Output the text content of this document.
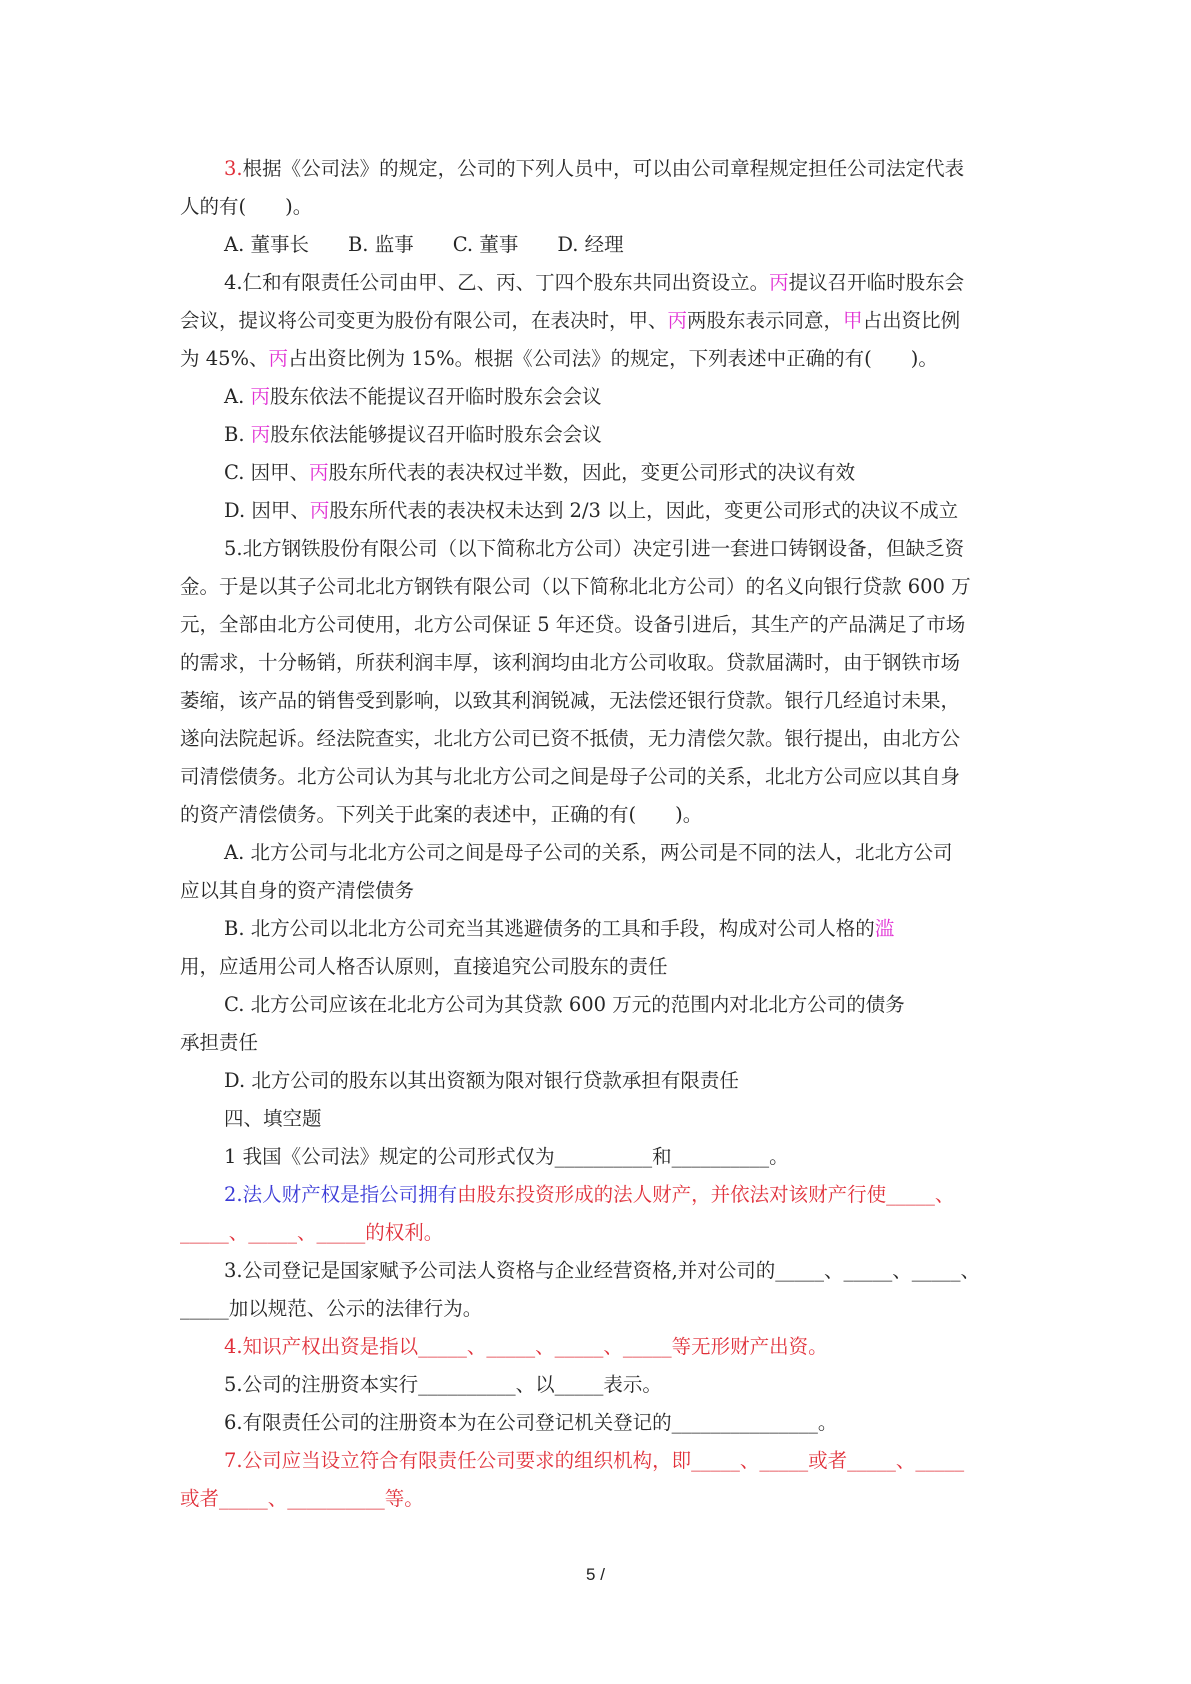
3.根据《公司法》的规定，公司的下列人员中，可以由公司章程规定担任公司法定代表
人的有(　　)。
A. 董事长　　B. 监事　　C. 董事　　D. 经理
4.仁和有限责任公司由甲、乙、丙、丁四个股东共同出资设立。丙提议召开临时股东会
会议，提议将公司变更为股份有限公司，在表决时，甲、丙两股东表示同意，甲占出资比例
为 45%、丙占出资比例为 15%。根据《公司法》的规定，下列表述中正确的有(　　)。
A. 丙股东依法不能提议召开临时股东会会议
B. 丙股东依法能够提议召开临时股东会会议
C. 因甲、丙股东所代表的表决权过半数，因此，变更公司形式的决议有效
D. 因甲、丙股东所代表的表决权未达到 2/3 以上，因此，变更公司形式的决议不成立
5.北方钢铁股份有限公司（以下简称北方公司）决定引进一套进口铸钢设备，但缺乏资
金。于是以其子公司北北方钢铁有限公司（以下简称北北方公司）的名义向银行贷款 600 万
元，全部由北方公司使用，北方公司保证 5 年还贷。设备引进后，其生产的产品满足了市场
的需求，十分畅销，所获利润丰厚，该利润均由北方公司收取。贷款届满时，由于钢铁市场
萎缩，该产品的销售受到影响，以致其利润锐减，无法偿还银行贷款。银行几经追讨未果，
遂向法院起诉。经法院查实，北北方公司已资不抵债，无力清偿欠款。银行提出，由北方公
司清偿债务。北方公司认为其与北北方公司之间是母子公司的关系，北北方公司应以其自身
的资产清偿债务。下列关于此案的表述中，正确的有(　　)。
A. 北方公司与北北方公司之间是母子公司的关系，两公司是不同的法人，北北方公司
应以其自身的资产清偿债务
B. 北方公司以北北方公司充当其逃避债务的工具和手段，构成对公司人格的滥
用，应适用公司人格否认原则，直接追究公司股东的责任
C. 北方公司应该在北北方公司为其贷款 600 万元的范围内对北北方公司的债务
承担责任
D. 北方公司的股东以其出资额为限对银行贷款承担有限责任
四、填空题
1 我国《公司法》规定的公司形式仅为__________和__________。
2.法人财产权是指公司拥有由股东投资形成的法人财产，并依法对该财产行使_____、
_____、_____、_____的权利。
3.公司登记是国家赋予公司法人资格与企业经营资格,并对公司的_____、_____、_____、
_____加以规范、公示的法律行为。
4.知识产权出资是指以_____、_____、_____、_____等无形财产出资。
5.公司的注册资本实行__________、以_____表示。
6.有限责任公司的注册资本为在公司登记机关登记的_______________。
7.公司应当设立符合有限责任公司要求的组织机构，即_____、_____或者_____、_____
或者_____、__________等。
5 /
